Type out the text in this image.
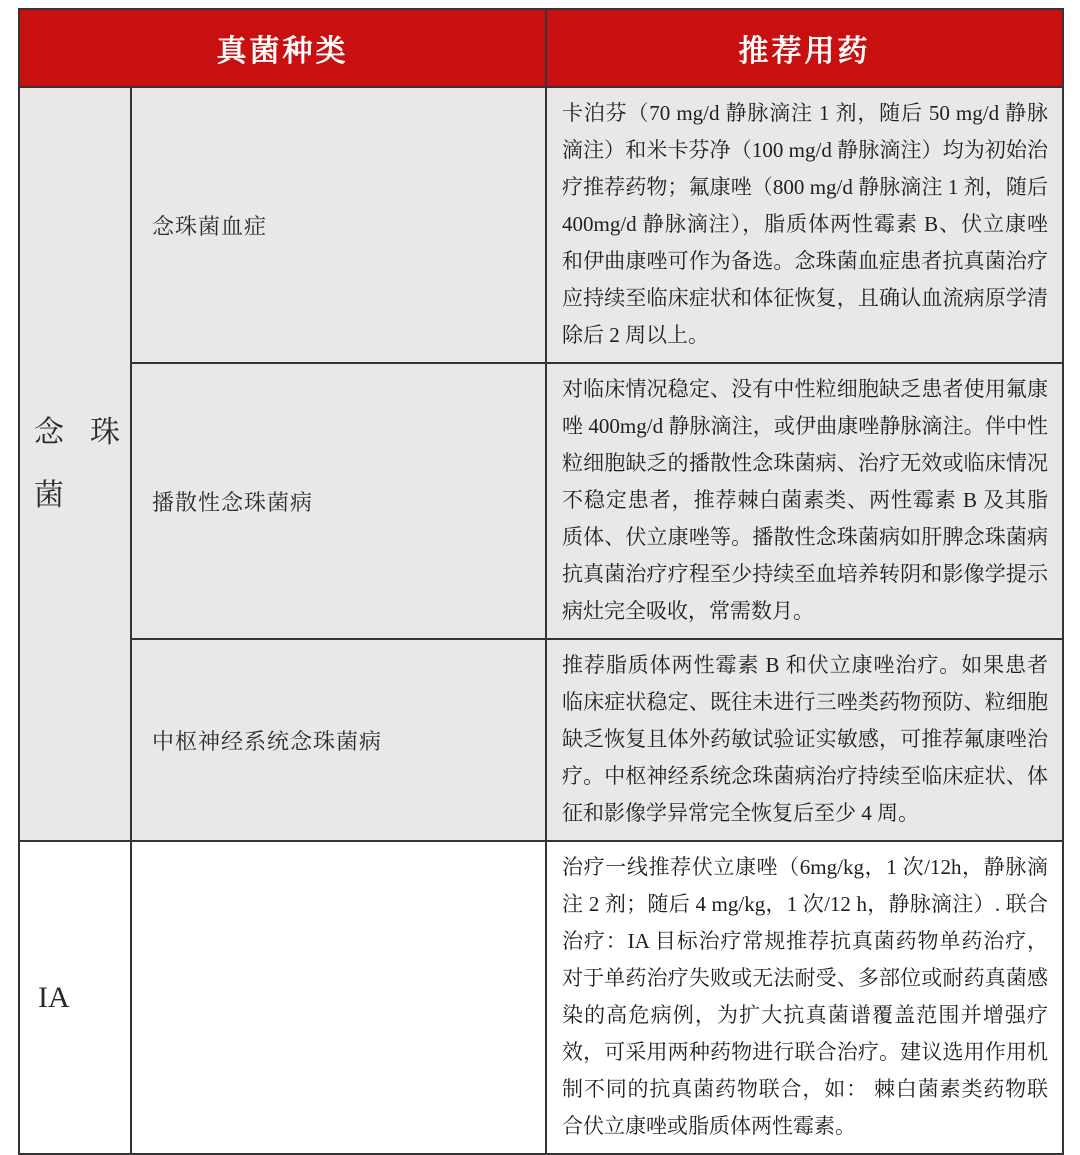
真菌种类		推荐用药

念珠菌	念珠菌血症	卡泊芬（70 mg/d 静脉滴注 1 剂，随后 50 mg/d 静脉滴注）和米卡芬净（100 mg/d 静脉滴注）均为初始治疗推荐药物；氟康唑（800 mg/d 静脉滴注 1 剂，随后 400mg/d 静脉滴注），脂质体两性霉素 B、伏立康唑和伊曲康唑可作为备选。念珠菌血症患者抗真菌治疗应持续至临床症状和体征恢复，且确认血流病原学清除后 2 周以上。
	播散性念珠菌病	对临床情况稳定、没有中性粒细胞缺乏患者使用氟康唑 400mg/d 静脉滴注，或伊曲康唑静脉滴注。伴中性粒细胞缺乏的播散性念珠菌病、治疗无效或临床情况不稳定患者，推荐棘白菌素类、两性霉素 B 及其脂质体、伏立康唑等。播散性念珠菌病如肝脾念珠菌病抗真菌治疗疗程至少持续至血培养转阴和影像学提示病灶完全吸收，常需数月。
	中枢神经系统念珠菌病	推荐脂质体两性霉素 B 和伏立康唑治疗。如果患者临床症状稳定、既往未进行三唑类药物预防、粒细胞缺乏恢复且体外药敏试验证实敏感，可推荐氟康唑治疗。中枢神经系统念珠菌病治疗持续至临床症状、体征和影像学异常完全恢复后至少 4 周。
IA		治疗一线推荐伏立康唑（6mg/kg，1 次/12h，静脉滴注 2 剂；随后 4 mg/kg，1 次/12 h，静脉滴注）. 联合治疗：IA 目标治疗常规推荐抗真菌药物单药治疗，对于单药治疗失败或无法耐受、多部位或耐药真菌感染的高危病例，为扩大抗真菌谱覆盖范围并增强疗效，可采用两种药物进行联合治疗。建议选用作用机制不同的抗真菌药物联合，如： 棘白菌素类药物联合伏立康唑或脂质体两性霉素。
